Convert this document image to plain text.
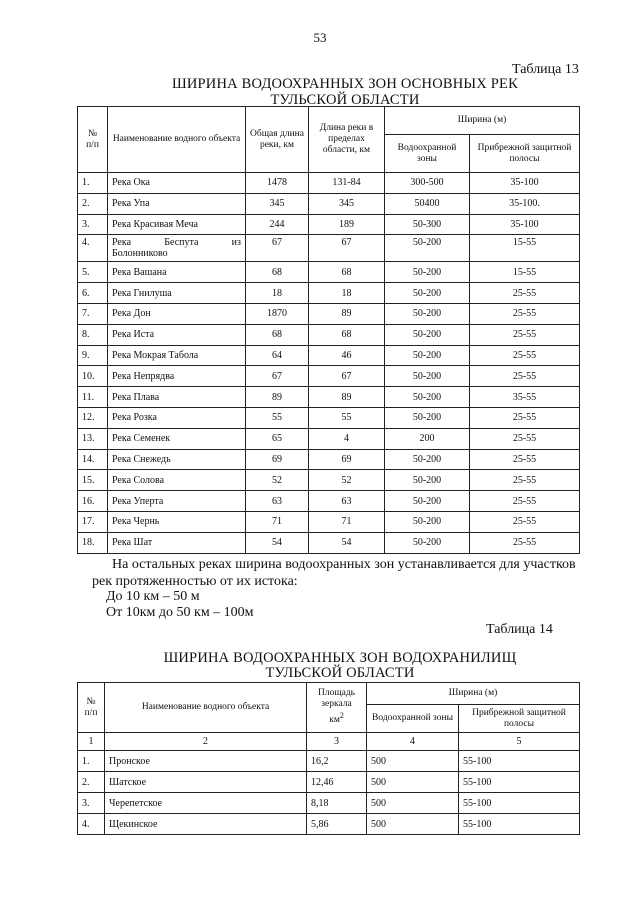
53
Таблица 13
ШИРИНА ВОДООХРАННЫХ ЗОН ОСНОВНЫХ РЕК
ТУЛЬСКОЙ ОБЛАСТИ
№
п/п	Наименование водного объекта	Общая длина реки, км	Длина реки в пределах области, км	Ширина (м)	
				Водоохранной зоны	Прибрежной защитной полосы
1.	Река Ока	1478	131-84	300-500	35-100
2.	Река Упа	345	345	50400	35-100.
3.	Река Красивая Меча	244	189	50-300	35-100
4.	Река Беспута из
Болонниково	67	67	50-200	15-55
5.	Река Вашана	68	68	50-200	15-55
6.	Река Гнилуша	18	18	50-200	25-55
7.	Река Дон	1870	89	50-200	25-55
8.	Река Иста	68	68	50-200	25-55
9.	Река Мокрая Табола	64	46	50-200	25-55
10.	Река Непрядва	67	67	50-200	25-55
11.	Река Плава	89	89	50-200	35-55
12.	Река Розка	55	55	50-200	25-55
13.	Река Семенек	65	4	200	25-55
14.	Река Снежедь	69	69	50-200	25-55
15.	Река Солова	52	52	50-200	25-55
16.	Река Уперта	63	63	50-200	25-55
17.	Река Чернь	71	71	50-200	25-55
18.	Река Шат	54	54	50-200	25-55
На остальных реках ширина водоохранных зон устанавливается для участков
рек протяженностью от их истока:
До 10 км – 50 м
От 10км до 50 км – 100м
Таблица 14
ШИРИНА ВОДООХРАННЫХ ЗОН ВОДОХРАНИЛИЩ
ТУЛЬСКОЙ ОБЛАСТИ
№
п/п	Наименование водного объекта	Площадь зеркала
$км^2$	Ширина (м)	
			Водоохранной зоны	Прибрежной защитной полосы
1	2	3	4	5
1.	Пронское	16,2	500	55-100
2.	Шатское	12,46	500	55-100
3.	Черепетское	8,18	500	55-100
4.	Щекинское	5,86	500	55-100
